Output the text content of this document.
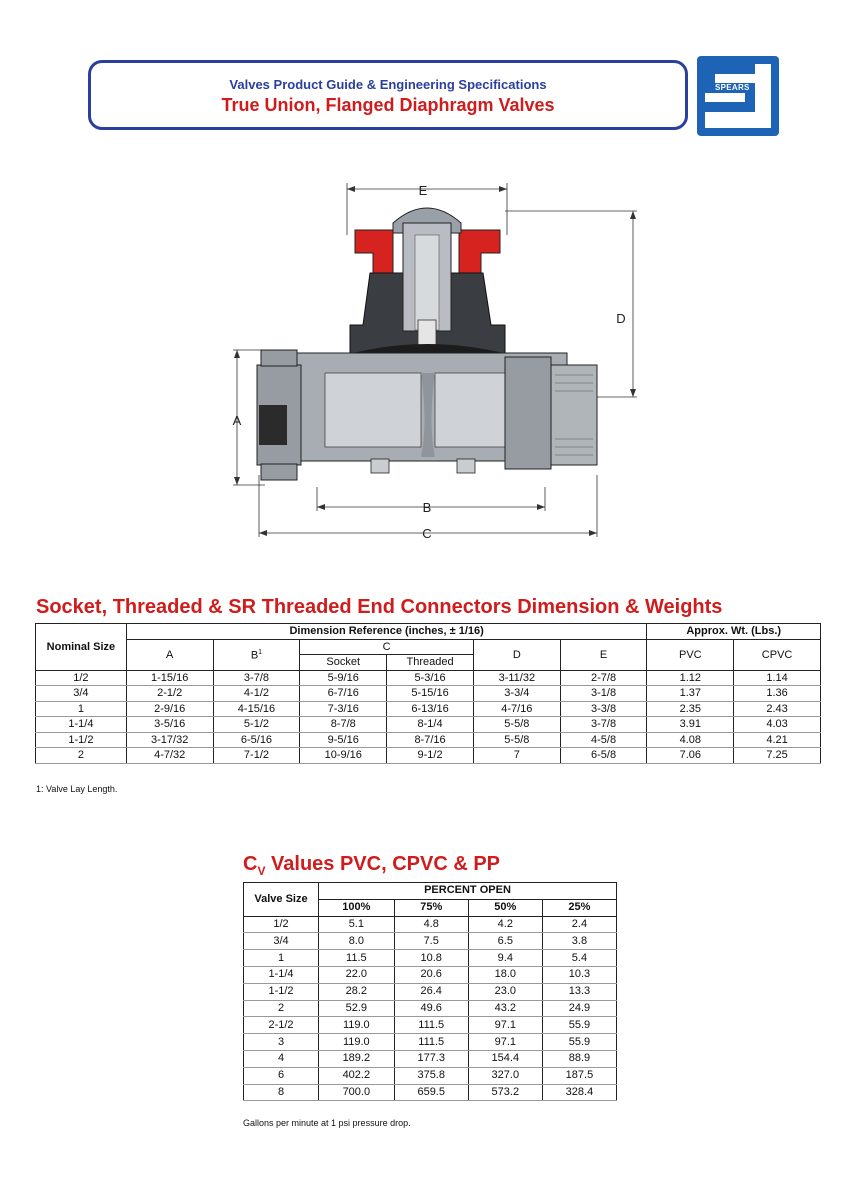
Valves Product Guide & Engineering Specifications
True Union, Flanged Diaphragm Valves
SPEARS
E
D
A
B
C
Socket, Threaded & SR Threaded End Connectors Dimension & Weights
Nominal Size	Dimension Reference (inches, ± 1/16)						Approx. Wt. (Lbs.)	
	A	$B^1$	C		D	E	PVC	CPVC
			Socket	Threaded				
1/2	1-15/16	3-7/8	5-9/16	5-3/16	3-11/32	2-7/8	1.12	1.14
3/4	2-1/2	4-1/2	6-7/16	5-15/16	3-3/4	3-1/8	1.37	1.36
1	2-9/16	4-15/16	7-3/16	6-13/16	4-7/16	3-3/8	2.35	2.43
1-1/4	3-5/16	5-1/2	8-7/8	8-1/4	5-5/8	3-7/8	3.91	4.03
1-1/2	3-17/32	6-5/16	9-5/16	8-7/16	5-5/8	4-5/8	4.08	4.21
2	4-7/32	7-1/2	10-9/16	9-1/2	7	6-5/8	7.06	7.25
1: Valve Lay Length.
$C_V$ Values PVC, CPVC & PP
Valve Size	PERCENT OPEN			
	100%	75%	50%	25%
1/2	5.1	4.8	4.2	2.4
3/4	8.0	7.5	6.5	3.8
1	11.5	10.8	9.4	5.4
1-1/4	22.0	20.6	18.0	10.3
1-1/2	28.2	26.4	23.0	13.3
2	52.9	49.6	43.2	24.9
2-1/2	119.0	111.5	97.1	55.9
3	119.0	111.5	97.1	55.9
4	189.2	177.3	154.4	88.9
6	402.2	375.8	327.0	187.5
8	700.0	659.5	573.2	328.4
Gallons per minute at 1 psi pressure drop.
